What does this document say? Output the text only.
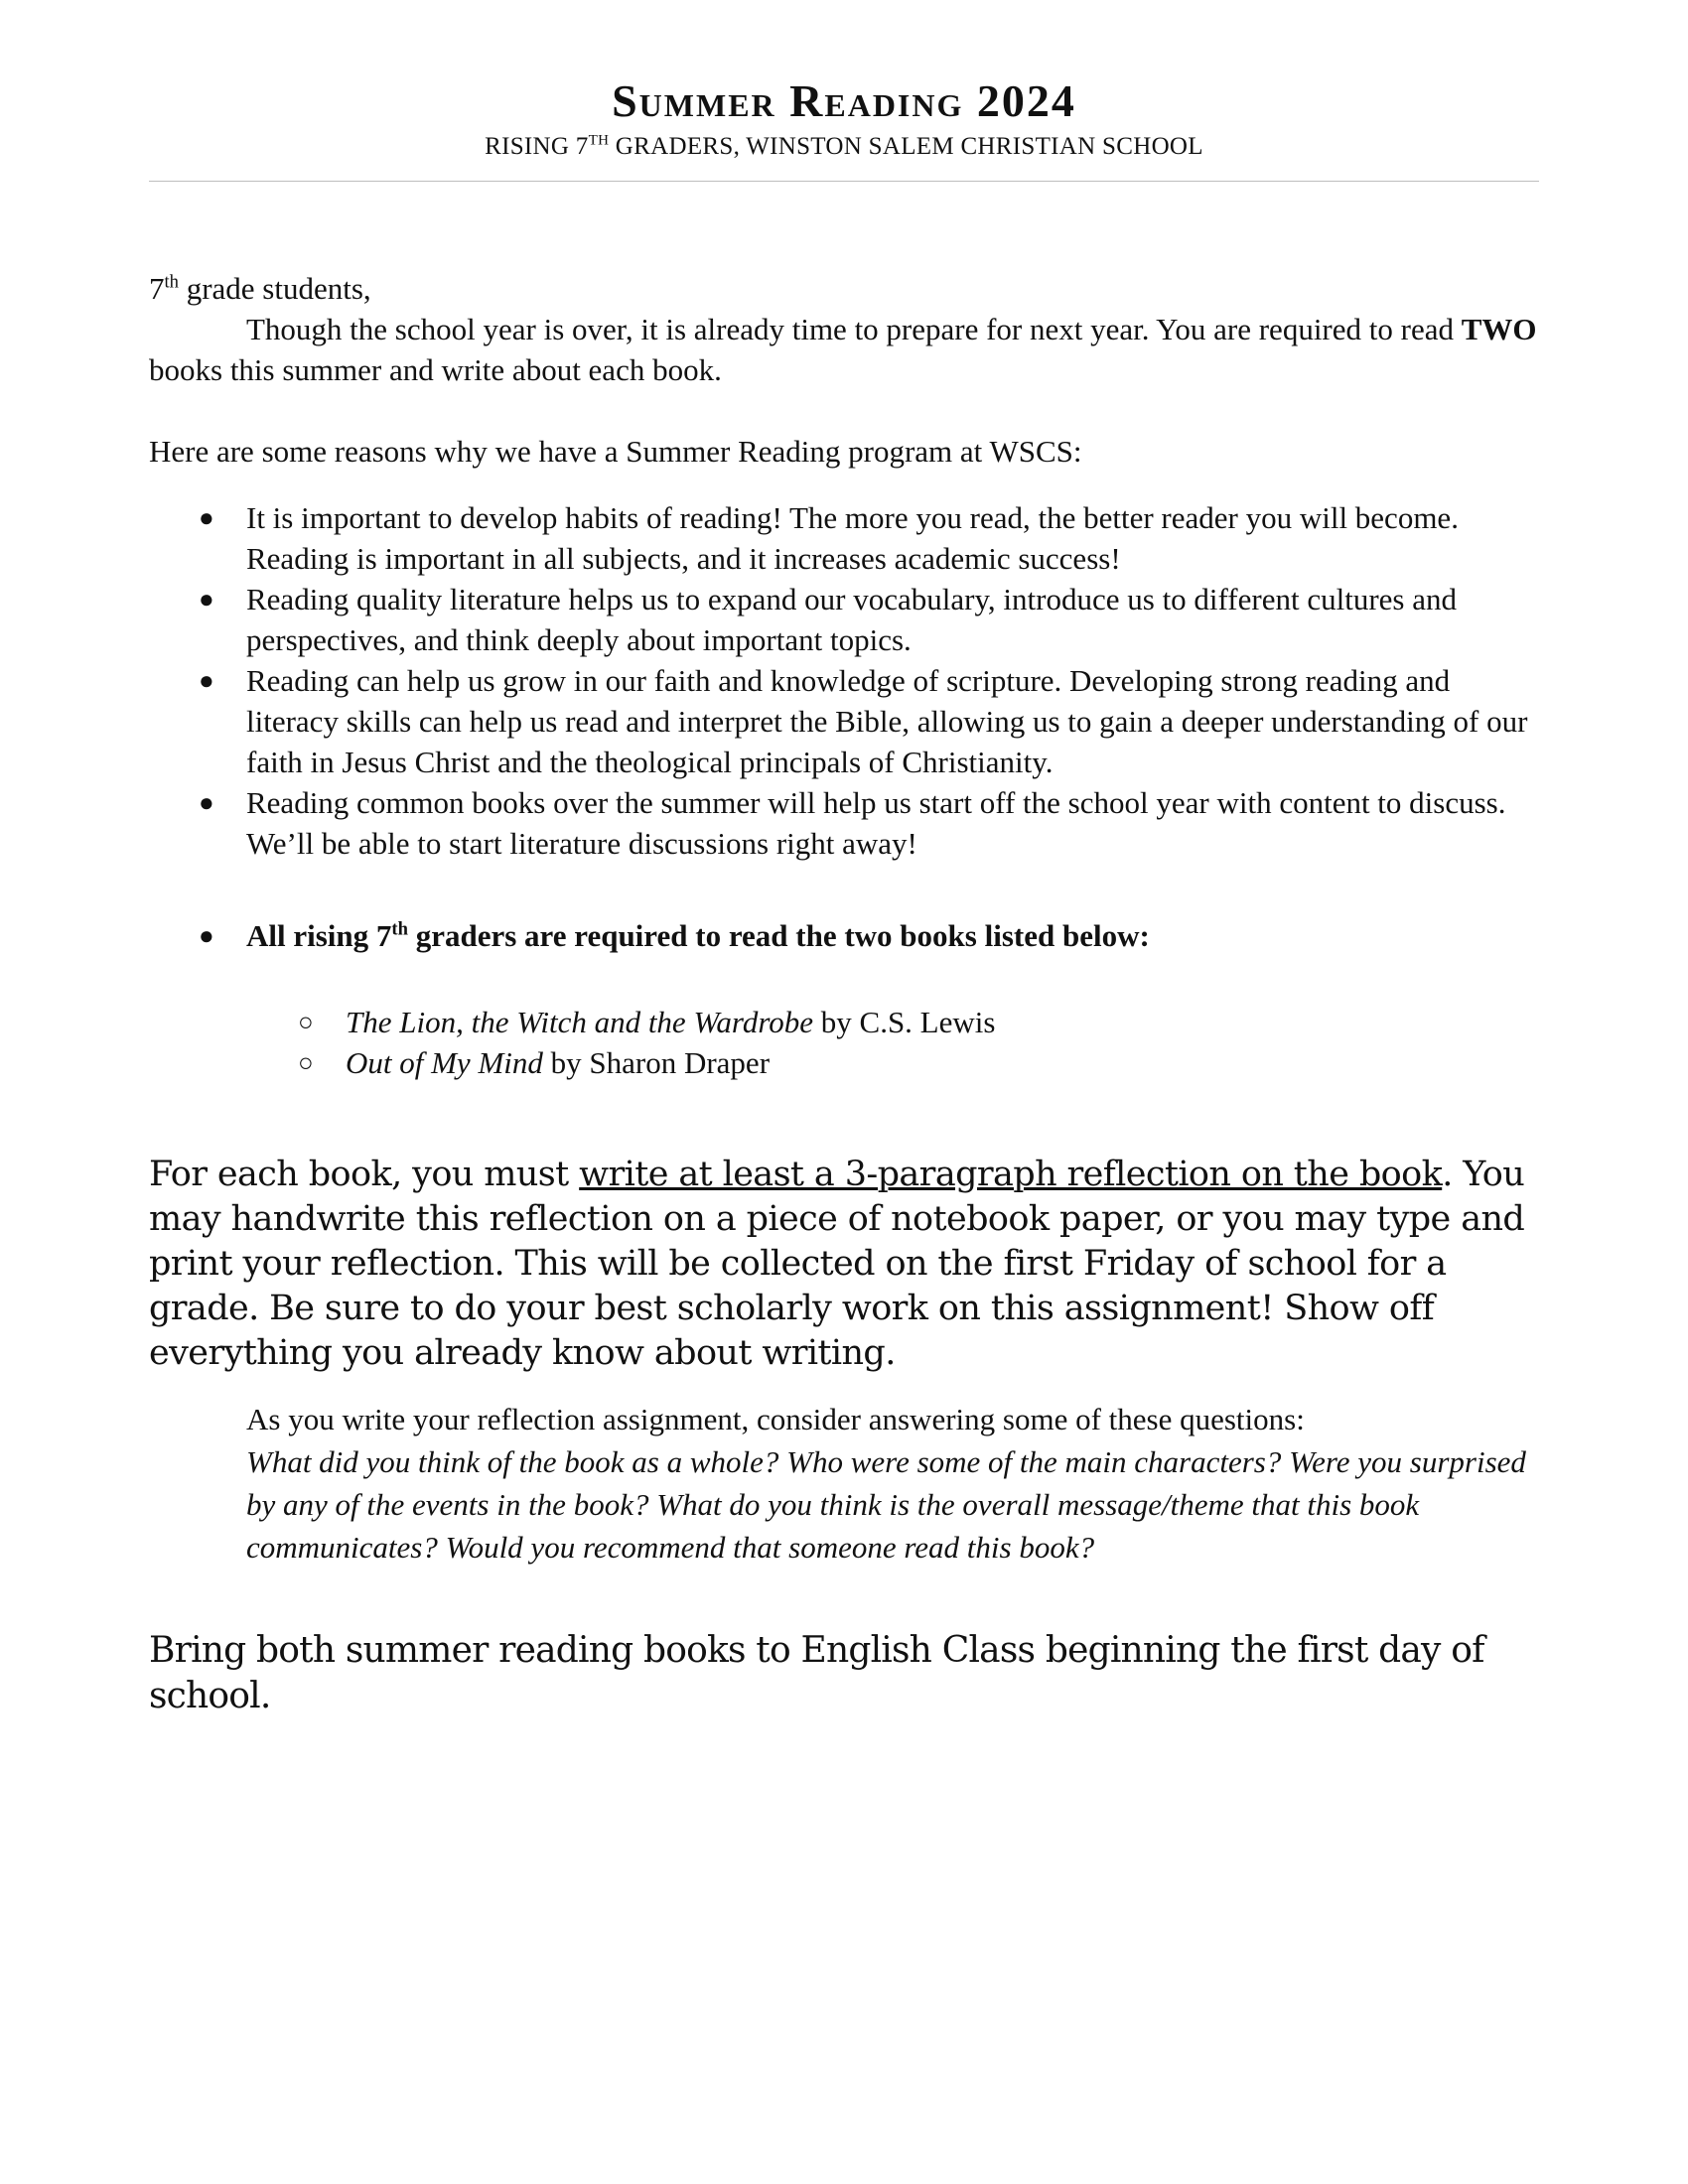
Summer Reading 2024
RISING 7TH GRADERS, WINSTON SALEM CHRISTIAN SCHOOL
7th grade students,
Though the school year is over, it is already time to prepare for next year. You are required to read TWO books this summer and write about each book.
Here are some reasons why we have a Summer Reading program at WSCS:
● It is important to develop habits of reading! The more you read, the better reader you will become. Reading is important in all subjects, and it increases academic success!
● Reading quality literature helps us to expand our vocabulary, introduce us to different cultures and perspectives, and think deeply about important topics.
● Reading can help us grow in our faith and knowledge of scripture. Developing strong reading and literacy skills can help us read and interpret the Bible, allowing us to gain a deeper understanding of our faith in Jesus Christ and the theological principals of Christianity.
● Reading common books over the summer will help us start off the school year with content to discuss. We’ll be able to start literature discussions right away!
●	All rising 7th graders are required to read the two books listed below:
○ The Lion, the Witch and the Wardrobe by C.S. Lewis
○ Out of My Mind by Sharon Draper
For each book, you must write at least a 3-paragraph reflection on the book. You may handwrite this reflection on a piece of notebook paper, or you may type and print your reflection. This will be collected on the first Friday of school for a grade. Be sure to do your best scholarly work on this assignment! Show off everything you already know about writing.
As you write your reflection assignment, consider answering some of these questions:
What did you think of the book as a whole? Who were some of the main characters? Were you surprised by any of the events in the book? What do you think is the overall message/theme that this book communicates? Would you recommend that someone read this book?
Bring both summer reading books to English Class beginning the first day of school.
